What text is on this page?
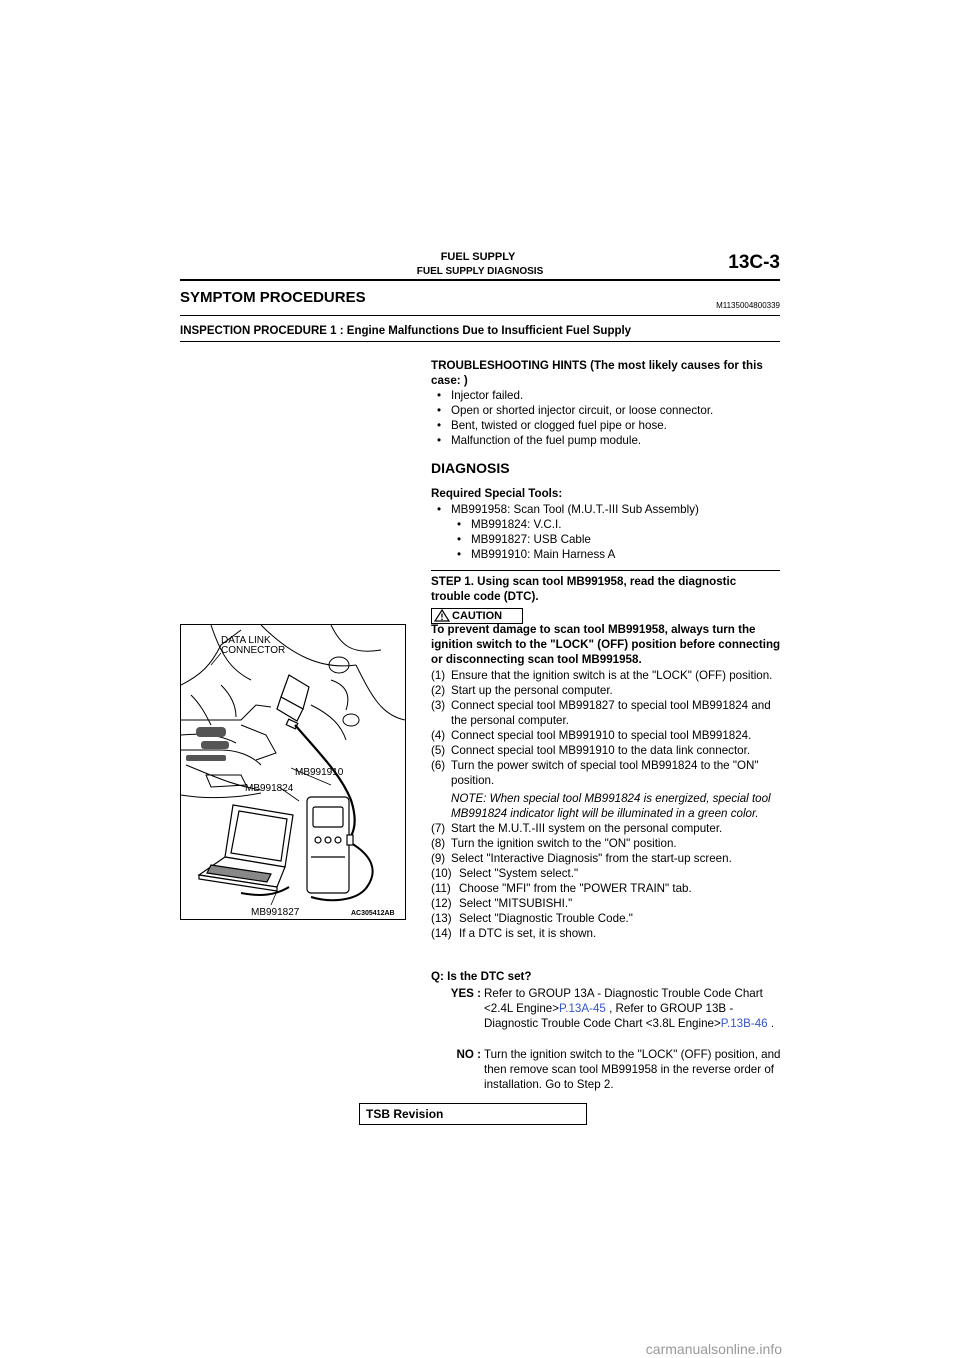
FUEL SUPPLY
FUEL SUPPLY DIAGNOSIS	13C-3
SYMPTOM PROCEDURES	M1135004800339
INSPECTION PROCEDURE 1 : Engine Malfunctions Due to Insufficient Fuel Supply
TROUBLESHOOTING HINTS (The most likely causes for this case: )
• Injector failed.
• Open or shorted injector circuit, or loose connector.
• Bent, twisted or clogged fuel pipe or hose.
• Malfunction of the fuel pump module.
DIAGNOSIS
Required Special Tools:
• MB991958: Scan Tool (M.U.T.-III Sub Assembly)
• MB991824: V.C.I.
• MB991827: USB Cable
• MB991910: Main Harness A
STEP 1. Using scan tool MB991958, read the diagnostic trouble code (DTC).
CAUTION
To prevent damage to scan tool MB991958, always turn the ignition switch to the "LOCK" (OFF) position before connecting or disconnecting scan tool MB991958.
(1) Ensure that the ignition switch is at the "LOCK" (OFF) position.
(2) Start up the personal computer.
(3) Connect special tool MB991827 to special tool MB991824 and the personal computer.
(4) Connect special tool MB991910 to special tool MB991824.
(5) Connect special tool MB991910 to the data link connector.
(6) Turn the power switch of special tool MB991824 to the "ON" position.
NOTE: When special tool MB991824 is energized, special tool MB991824 indicator light will be illuminated in a green color.
(7) Start the M.U.T.-III system on the personal computer.
(8) Turn the ignition switch to the "ON" position.
(9) Select "Interactive Diagnosis" from the start-up screen.
(10) Select "System select."
(11) Choose "MFI" from the "POWER TRAIN" tab.
(12) Select "MITSUBISHI."
(13) Select "Diagnostic Trouble Code."
(14) If a DTC is set, it is shown.
Q: Is the DTC set?
YES : Refer to GROUP 13A - Diagnostic Trouble Code Chart <2.4L Engine>P.13A-45 , Refer to GROUP 13B - Diagnostic Trouble Code Chart <3.8L Engine>P.13B-46 .
NO : Turn the ignition switch to the "LOCK" (OFF) position, and then remove scan tool MB991958 in the reverse order of installation. Go to Step 2.
DATA LINK
CONNECTOR
MB991910
MB991824
MB991827	AC305412AB
TSB Revision
carmanualsonline.info
